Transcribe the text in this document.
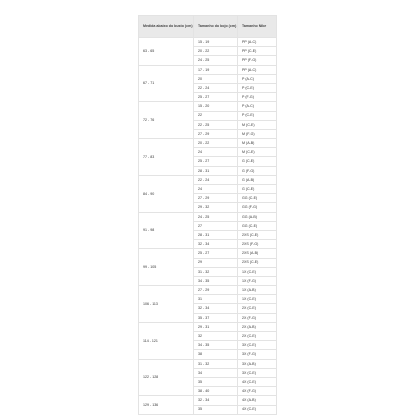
Medida abaixo do busto (cm)	Tamanho do bojo (cm)	Tamanho Nike
63 - 65	15 - 19	PP (A-C)
	20 - 22	PP (C-E)
	24 - 25	PP (F-G)
67 - 71	17 - 19	PP (A-C)
	20	P (A-C)
	22 - 24	P (C-E)
	25 - 27	P (F-G)
72 - 76	15 - 20	P (A-C)
	22	P (C-E)
	22 - 25	M (C-E)
	27 - 29	M (F-G)
77 - 83	20 - 22	M (A-B)
	24	M (C-E)
	25 - 27	G (C-E)
	28 - 31	G (F-G)
84 - 90	22 - 24	G (A-B)
	24	G (C-E)
	27 - 29	GG (C-E)
	29 - 32	GG (F-G)
91 - 98	24 - 25	GG (A-B)
	27	GG (C-E)
	28 - 31	2XS (C-E)
	32 - 34	2XS (F-G)
99 - 105	25 - 27	2XS (A-B)
	29	2XS (C-E)
	31 - 32	1X (C-E)
	34 - 35	1X (F-G)
106 - 113	27 - 29	1X (A-B)
	31	1X (C-E)
	32 - 34	2X (C-E)
	35 - 37	2X (F-G)
114 - 121	29 - 31	2X (A-B)
	32	2X (C-E)
	34 - 35	3X (C-E)
	38	3X (F-G)
122 - 128	31 - 32	3X (A-B)
	34	3X (C-E)
	35	4X (C-E)
	38 - 40	4X (F-G)
129 - 136	32 - 34	4X (A-B)
	35	4X (C-E)
